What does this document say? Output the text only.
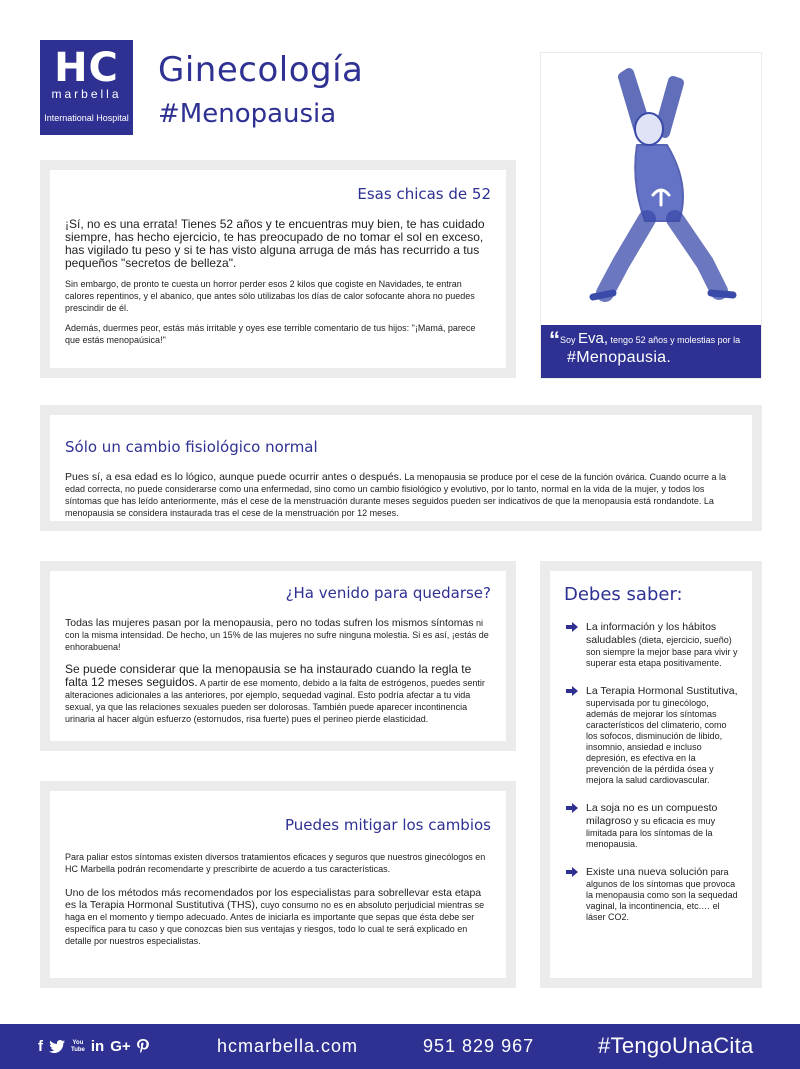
HC
marbella
International Hospital
Ginecología
#Menopausia
Esas chicas de 52
¡Sí, no es una errata! Tienes 52 años y te encuentras muy bien, te has cuidado siempre, has hecho ejercicio, te has preocupado de no tomar el sol en exceso, has vigilado tu peso y si te has visto alguna arruga de más has recurrido a tus pequeños "secretos de belleza".
Sin embargo, de pronto te cuesta un horror perder esos 2 kilos que cogiste en Navidades, te entran calores repentinos, y el abanico, que antes sólo utilizabas los días de calor sofocante ahora no puedes prescindir de él.
Además, duermes peor, estás más irritable y oyes ese terrible comentario de tus hijos: "¡Mamá, parece que estás menopaúsica!"	“Soy Eva, tengo 52 años y molestias por la
#Menopausia.
Sólo un cambio fisiológico normal
Pues sí, a esa edad es lo lógico, aunque puede ocurrir antes o después. La menopausia se produce por el cese de la función ovárica. Cuando ocurre a la edad correcta, no puede considerarse como una enfermedad, sino como un cambio fisiológico y evolutivo, por lo tanto, normal en la vida de la mujer, y todos los síntomas que has leído anteriormente, más el cese de la menstruación durante meses seguidos pueden ser indicativos de que la menopausia está rondandote. La menopausia se considera instaurada tras el cese de la menstruación por 12 meses.
¿Ha venido para quedarse?
Todas las mujeres pasan por la menopausia, pero no todas sufren los mismos síntomas ni con la misma intensidad. De hecho, un 15% de las mujeres no sufre ninguna molestia. Si es así, ¡estás de enhorabuena!
Se puede considerar que la menopausia se ha instaurado cuando la regla te falta 12 meses seguidos. A partir de ese momento, debido a la falta de estrógenos, puedes sentir alteraciones adicionales a las anteriores, por ejemplo, sequedad vaginal. Esto podría afectar a tu vida sexual, ya que las relaciones sexuales pueden ser dolorosas. También puede aparecer incontinencia urinaria al hacer algún esfuerzo (estornudos, risa fuerte) pues el perineo pierde elasticidad.
Puedes mitigar los cambios
Para paliar estos síntomas existen diversos tratamientos eficaces y seguros que nuestros ginecólogos en HC Marbella podrán recomendarte y prescribirte de acuerdo a tus características.
Uno de los métodos más recomendados por los especialistas para sobrellevar esta etapa es la Terapia Hormonal Sustitutiva (THS), cuyo consumo no es en absoluto perjudicial mientras se haga en el momento y tiempo adecuado. Antes de iniciarla es importante que sepas que ésta debe ser específica para tu caso y que conozcas bien sus ventajas y riesgos, todo lo cual te será explicado en detalle por nuestros especialistas.
Debes saber:
La información y los hábitos saludables (dieta, ejercicio, sueño) son siempre la mejor base para vivir y superar esta etapa positivamente.
La Terapia Hormonal Sustitutiva, supervisada por tu ginecólogo, además de mejorar los síntomas característicos del climaterio, como los sofocos, disminución de libido, insomnio, ansiedad e incluso depresión, es efectiva en la prevención de la pérdida ósea y mejora la salud cardiovascular.
La soja no es un compuesto milagroso y su eficacia es muy limitada para los síntomas de la menopausia.
Existe una nueva solución para algunos de los síntomas que provoca la menopausia como son la sequedad vaginal, la incontinencia, etc.… el láser CO2.
f	You
Tube in G+	hcmarbella.com	951 829 967	#TengoUnaCita
